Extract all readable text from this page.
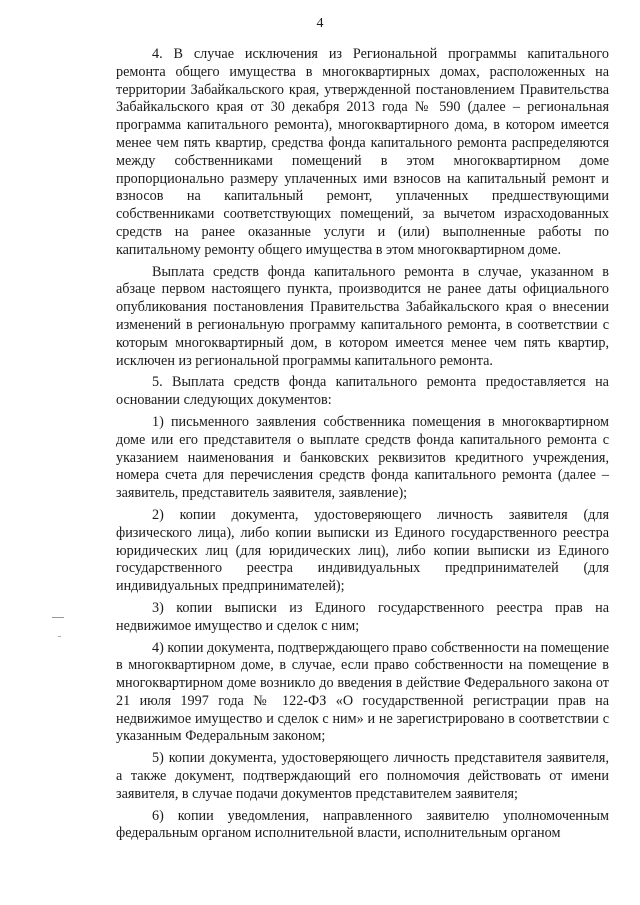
4

4. В случае исключения из Региональной программы капитального ремонта общего имущества в многоквартирных домах, расположенных на территории Забайкальского края, утвержденной постановлением Правительства Забайкальского края от 30 декабря 2013 года № 590 (далее – региональная программа капитального ремонта), многоквартирного дома, в котором имеется менее чем пять квартир, средства фонда капитального ремонта распределяются между собственниками помещений в этом многоквартирном доме пропорционально размеру уплаченных ими взносов на капитальный ремонт и взносов на капитальный ремонт, уплаченных предшествующими собственниками соответствующих помещений, за вычетом израсходованных средств на ранее оказанные услуги и (или) выполненные работы по капитальному ремонту общего имущества в этом многоквартирном доме.

Выплата средств фонда капитального ремонта в случае, указанном в абзаце первом настоящего пункта, производится не ранее даты официального опубликования постановления Правительства Забайкальского края о внесении изменений в региональную программу капитального ремонта, в соответствии с которым многоквартирный дом, в котором имеется менее чем пять квартир, исключен из региональной программы капитального ремонта.

5. Выплата средств фонда капитального ремонта предоставляется на основании следующих документов:

1) письменного заявления собственника помещения в многоквартирном доме или его представителя о выплате средств фонда капитального ремонта с указанием наименования и банковских реквизитов кредитного учреждения, номера счета для перечисления средств фонда капитального ремонта (далее – заявитель, представитель заявителя, заявление);

2) копии документа, удостоверяющего личность заявителя (для физического лица), либо копии выписки из Единого государственного реестра юридических лиц (для юридических лиц), либо копии выписки из Единого государственного реестра индивидуальных предпринимателей (для индивидуальных предпринимателей);

3) копии выписки из Единого государственного реестра прав на недвижимое имущество и сделок с ним;

4) копии документа, подтверждающего право собственности на помещение в многоквартирном доме, в случае, если право собственности на помещение в многоквартирном доме возникло до введения в действие Федерального закона от 21 июля 1997 года № 122-ФЗ «О государственной регистрации прав на недвижимое имущество и сделок с ним» и не зарегистрировано в соответствии с указанным Федеральным законом;

5) копии документа, удостоверяющего личность представителя заявителя, а также документ, подтверждающий его полномочия действовать от имени заявителя, в случае подачи документов представителем заявителя;

6) копии уведомления, направленного заявителю уполномоченным федеральным органом исполнительной власти, исполнительным органом
